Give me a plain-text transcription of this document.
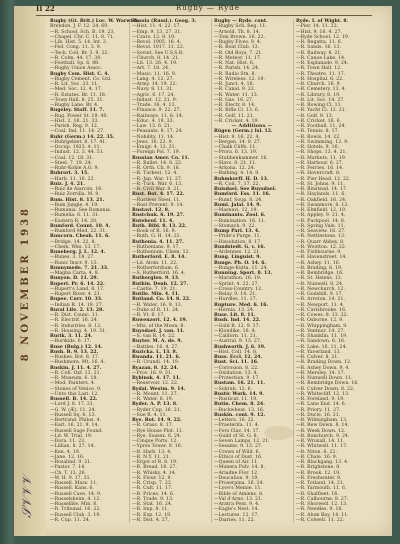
8 NOVEMBER 1938
𝒮𝒱𝒱𝒱
II 22	Rugby — Ryde
Rugby (Gt. Brit.) Loc. W. Warwick.
Brendon. J. F. 12. 24. 69.
—R. School. Sch. B. 19. 23.
—Chapel. Chr. C. 11. 8. 71.
—Lib. Hist. 5. 14. Int. 2.
—Fed. Cong. 11. 3. 9.
—Tech. Coll. Br. 3. 9. 22.
—R. Colm. 44. 17. 30.
—Football. Sp. 6. 88.
—Rugby Union Assoc.
Rugby Cem. Hist. C. 4.
—Rugby Cement. Co. Ltd.
—R. Lit. Soc. 33. 11.
—Med. Soc. 12. 4. 17.
—R. Estates. Br. 11. 18.
—Town Hall. 8. 25. 31.
—Rugby Lane. Br. 4.
Rugeley. Staff. 11. 7.
—Rug. Power St. 19. 40.
—Hist. 2. 16. 21. 33.
—Parish. Reg. 9. 12.
—Coal. Ind. 11. 14. 27.
Ruhr (Germ.) 14. 22. 35.
—Ruhrgebiet. 8. 17. 41.
—Occup. 1923. 4. 11.
—Indust. 12. 3. 44. 51.
—Coal. 12. 18. 31.
—Steel. 7. 19. 24.
—Ruhr-Kohle A.G. 9.
Ruhrort. 3. 15.
—Harb. 11. 16. 22.
Ruiz. J. 4. 21.
—Ruiz de Alarcón. 16.
—Ruiz Zorrilla. M. 9.
Rum. Hist. 8. 13. 21.
—Rum Jungle. 4. 19.
—Rumania. See Romania.
—Rumelia. 6. 11. 31.
—Eastern R. 14. 20.
Rumford. Count. 10. 4.
—Rumford Med. 22. 31.
Runcorn. Chesh. 11. 6.
—Bridge. 14. 22. 8.
—Chem. Wks. 13. 17.
Runeberg. J. L. 12. 4.
—Runes. 3. 18. 27.
—Runic Inscr. 9. 13.
Runnymede. 7. 21. 33.
—Magna Carta. 4. 8.
Runyon. D. 11. 29.
Rupert. Pr. 6. 14. 22.
—Rupert's Land. 8. 17.
—Rupert River. 4. 21.
Rupee. Curr. 10. 33.
—Indian R. 14. 19. 27.
Rural Life. 2. 13. 28.
—R. Dist. Counc. 11.
—R. Electrif. 16. 24.
—R. Industries. 8. 12.
—R. Housing. 4. 19. 31.
Rurik. 3. 11. 24.
—Rurikids. 6. 17.
Ruse (Bulg.) 12. 14.
Rush. B. 9. 13. 22.
—Rushes. Bot. 8. 17.
—Rushmore. Mt. 16. 4.
Ruskin. J. 11. 4. 27.
—R. Coll. Oxf. 13. 21.
—R. Museum. 6. 18.
—Mod. Painters. 4.
—Stones of Venice. 9.
—Unto this Last. 12.
Russell. B. 14. 22.
—Lord J. 8. 17. 31.
—G. W. (Æ). 11. 24.
—Russell Sq. 6. 13.
—Bertrand. Philos. 4.
—Earl. 16. 21. 9. 14.
—Russell Sage Found.
—Ld. W. Trial. 19.
—Dora. 11. 23.
—Lillian. 8. 27. 14.
—Ken. 4. 19.
—Jane. 12. 16.
—Rosalind. 9. 21.
—Pastor. 7. 14.
—Ch. T. 13. 26.
—W. H. 9. 17. 31.
—Russell. Mass. 11.
—Russell. Kans. 6.
—Russell Cave. 14. 9.
—Russelsheim. 4. 12.
—Russellite. Min. 8.
—R. Tribunal. 16. 22.
—Russell Club. 3. 19.
—R. Cup. 11. 24.
Russia (Russl.). Geog. 3.
—Hist. 11. 4. 22. 17.
—Emp. 9. 13. 27. 31.
—Czars. 12. 8. 19.
—Revol. 1905. 16. 4.
—Revol. 1917. 11. 22.
—Soviet. See U.S.S.R.
—Church. 8. 14. 21.
—Lit. 13. 26. 4. 19.
—Art. 7. 18. 24.
—Music. 11. 16. 9.
—Lang. 4. 12. 27.
—Army. 14. 19. 22.
—Navy. 8. 11. 31.
—Agric. 6. 17. 24.
—Indust. 12. 21. 9.
—Trade. 16. 4. 13.
—Finance. 9. 22. 27.
—Railways. 11. 8. 14.
—Educ. 4. 19. 33.
—Law. 13. 6. 21.
—Peasants. 8. 17. 24.
—Nobility. 11. 14.
—Jews. 16. 22. 9.
—Emigr. 4. 12. 31.
—Foreign Pol. 7. 19.
Russian Amer. Co. 11.
—R. Ballet. 14. 8. 22.
—R. Orth. Ch. 9. 16.
—R. Turkest. 12. 4.
—R.-Jap. War. 11. 27.
—R.-Turk. War. 6. 13.
—R. Civil War. 8. 21.
Rust. Bot. 4. 17. 22.
—Rustless Steel. 11.
—Rust Prevent. 9. 14.
Rustavi. 12. 8.
Rustchuk. 6. 19. 27.
Rutebeuf. 11. 4.
Ruth. Bibl. 8. 13. 22.
—Book of R. 16. 9.
—Ruth. G. H. 14. 21.
Ruthenia. 4. 11. 27.
—Ruthenians. 9. 17.
—Ruthenium. Chem. 12.
Rutherford. E. 8. 14.
—Ld. Atom. 11. 22.
—Rutherfordium. 6.
—S. Rutherford. 16. 4.
Rutherglen. 9. 13.
Ruthin. Denb. 12. 27.
—Castle. 7. 19. 21.
Rutile. Min. 4. 11.
Rutland. Co. 14. 8. 22.
—R. Water. 16. 9. 13.
—Duke of R. 11. 24.
—R. Vt. 6. 17.
Ruwenzori. 12. 4. 19.
—Mts. of the Moon. 8.
Ruysdael. J. van. 11.
—S. van R. 14. 22.
Ruyter. M. A. de. 9.
—Battles. 16. 4. 27.
Ruzicka. L. 13. 8.
Rwanda. 11. 21. 6.
—R.-Urundi. 14. 19.
Ryazan. 8. 12. 24.
—Prov. 16. 9. 31.
Rybinsk. 4. 17. 11.
—Reservoir. 12. 22.
Rydal. Westm. 9. 14.
—R. Mount. 11. 27.
—R. Water. 6. 19.
Ryder. A. P. 13. 8.
—Ryder Cup. 16. 21.
—Sue R. 4. 11.
Rye. Bot. 14. 9. 22.
—R. Grass. 8. 17.
—Rye House Plot. 11.
—Rye. Sussex. 6. 24.
—Cinque Ports. 12.
—Ypres Tower. 9. 16.
—R. Harb. 13. 4.
—R. N.Y. 11. 21.
—Ergot of R. 8. 19.
—R. Bread. 16. 27.
—R. Whisky. 4. 14.
—R. Flour. 12. 9.
—R. Crisp. 7. 22.
—R. Cult. 11. 17.
—R. Prices. 14. 6.
—R. Trade. 9. 13.
—R. Stat. 16. 24.
—R. Imp. 8. 11.
—R. Exp. 12. 19.
—R. Dist. 4. 27.
Rugby — Ryde. cont.
—Rugby Sch. Reg. 11.
—Arnold. Th. 8. 14.
—Tom Brown. 16. 22.
—Rugby Fives. 9. 4.
—R. Boat Club. 13.
—R. Old Boys. 7. 21.
—R. Meteor. 11. 17.
—R. Nat. Hist. 6.
—R. Parish. 14. 24.
—R. Radio Stn. 8.
—R. Wireless. 12. 19.
—R. Junct. 4. 16.
—R. Canal. 9. 22.
—R. Water. 11. 13.
—R. Gas. 16. 27.
—R. Electr. 8. 14.
—R. Rifle Cl. 13. 6.
—R. Golf. 11. 21.
—R. Cricket. 4. 19.
— Additions —
Rügen (Germ.) Isl. 12.
—Hist. 9. 16. 22. 4.
—Bergen. 14. 8. 27.
—Chalk Cliffs. 11.
—Prora. 6. 13. 19.
—Stubbenkammer. 16.
—Slavs. 8. 21. 11.
—Arkona. 12. 24.
—Bathing. 4. 14. 9.
Ruhmkorff. H. D. 13.
—R. Coil. 7. 17. 22.
Ruisdael. See Ruysdael.
Rumford. Ess. 11. 16.
—Rumf. Soup. 8. 24.
Rumi. Jalal. 14. 9.
—Masnavi. 12. 19.
Ruminants. Zool. 6.
—Rumination. 16. 11.
—Stomach. 9. 22.
Rump Parl. 13. 4.
—Pride's Purge. 11.
—Dissolution. 8. 17.
Rundstedt. G. v. 16.
—Ardennes. 12. 21.
Rung. Linguist. 9.
Runge. Ph. O. 14. 6.
—Runge-Kutta. 11. 24.
Running. Sport. 8. 13.
—Marathon. 16. 19.
—Sprint. 4. 22. 27.
—Cross-Country. 12.
—Relay. 9. 14. 21.
—Hurdles. 11. 17.
Rupture. Med. 6. 16.
—Hernia. 13. 24.
Ruse. Lit. 8. 11.
Rush. Ind. 14. 22.
—Gold R. 12. 9. 17.
—Klondike. 16. 4.
—Californ. 11. 21.
—Austral. 9. 13. 27.
Rushworth. J. 6. 19.
—Hist. Coll. 14. 8.
Russ. Eccl. 12. 24.
Rust. Sci. 11. 16.
—Corrosion. 8. 22.
—Oxidation. 13. 4.
—Protection. 9. 17.
Rustam. 16. 21. 11.
—Sohrab. 12. 6.
Rustic Work. 14. 9.
—Rusticat. 11. 19.
Rutin. Chem. 8. 24.
—Buckwheat. 13. 16.
Ruskin. cont. 9. 12.
—Letters. 16. 22.
—Praeterita. 11. 4.
—Fors Clav. 14. 17.
—Guild of St. G. 8.
—Seven Lamps. 12. 21.
—Sesame. 9. 13. 27.
—Crown of Wild. 6.
—Ethics of Dust. 16.
—Queen of Air. 11.
—Munera Pulv. 14. 8.
—Ariadne Flor. 12.
—Deucalion. 9. 19.
—Proserpina. 16. 24.
—Love's Meinie. 11.
—Bible of Amiens. 8.
—Val d'Arno. 13. 21.
—Aratra Pent. 9. 4.
—Eagle's Nest. 14.
—Lectures. 12. 17.
—Diaries. 11. 22.
Ryde. I. of Wight. 8.
—Pier. 14. 11. 22.
—Hist. 9. 16. 4. 27.
—Ryde School. 12. 19.
—R. Regatta. 11. 6.
—R. Sands. 16. 13.
—R. Railway. 8. 21.
—R. Canoe Lake. 14.
—R. Esplanade. 9. 24.
—R. Town Hall. 12.
—R. Theatre. 11. 17.
—R. Hospital. 6. 22.
—R. Church. 16. 9.
—R. Cemetery. 13. 4.
—R. Library. 8. 19.
—R. Lit. Soc. 14. 27.
—R. Rowing Cl. 11.
—R. Yacht Cl. 12. 21.
—R. Golf. 9. 13.
—R. Cricket. 16. 6.
—R. Football. 11. 24.
—R. Tennis. 8. 17.
—R. Bowls. 14. 22.
—R. Swimming. 12. 9.
—R. Hotels. 9. 16.
—R. Shops. 13. 4. 21.
—R. Markets. 11. 19.
—R. Harbour. 6. 27.
—R. Ferries. 16. 14.
—R. Hovercraft. 8.
—R. Pier Head. 12. 22.
—R. St. Johns. 9. 11.
—R. Binstead. 14. 17.
—R. Haylands. 11. 6.
—R. Oakfield. 16. 24.
—R. Swanmore. 8. 13.
—R. Elmfield. 12. 19.
—R. Appley. 9. 21. 4.
—R. Puckpool. 14. 8.
—R. Spring Vale. 11.
—R. Seaview. 16. 27.
—R. Nettlestone. 13.
—R. Quarr Abbey. 8.
—R. Wootton. 12. 22.
—R. Fishbourne. 9.
—R. Havenstreet. 14.
—R. Ashey. 11. 16.
—R. Brading. 6. 19.
—R. Bembridge. 16.
—R. St. Helens. 13.
—R. Nunwell. 8. 24.
—R. Newchurch. 12.
—R. Godshill. 9. 17.
—R. Arreton. 14. 21.
—R. Newport. 11. 4.
—R. Carisbrooke. 16.
—R. Cowes. 8. 13. 22.
—R. Osborne. 12. 9.
—R. Whippingham. 9.
—R. Ventnor. 14. 27.
—R. Shanklin. 11. 19.
—R. Sandown. 6. 16.
—R. Lake. 16. 11. 24.
—R. Yaverland. 13.
—R. Culver. 8. 21.
—R. Brading Down. 12.
—R. Ashey Down. 9. 4.
—R. Mersley. 14. 17.
—R. Nunwell Down. 11.
—R. Bembridge Down. 16.
—R. Culver Down. 8. 22.
—R. Whitecliff. 12. 13.
—R. Foreland. 9. 19.
—R. Lane End. 14. 6.
—R. Priory. 11. 27.
—R. Ducie. 16. 21.
—R. Wilmingham. 13.
—R. Rew Down. 8. 14.
—R. Week Down. 12.
—R. Bonchurch. 9. 24.
—R. Wroxall. 14. 11.
—R. Whitwell. 11. 17.
—R. Niton. 6. 22.
—R. Chale. 16. 9.
—R. Blackgang. 13. 4.
—R. Brighstone. 8.
—R. Brook. 12. 19.
—R. Freshwater. 9.
—R. Totland. 14. 21.
—R. Yarmouth. 11. 6.
—R. Shalfleet. 16.
—R. Calbourne. 8. 27.
—R. Shorwell. 12. 13.
—R. Needles. 9. 16.
—R. Alum Bay. 14. 11.
—R. Colwell. 11. 22.
